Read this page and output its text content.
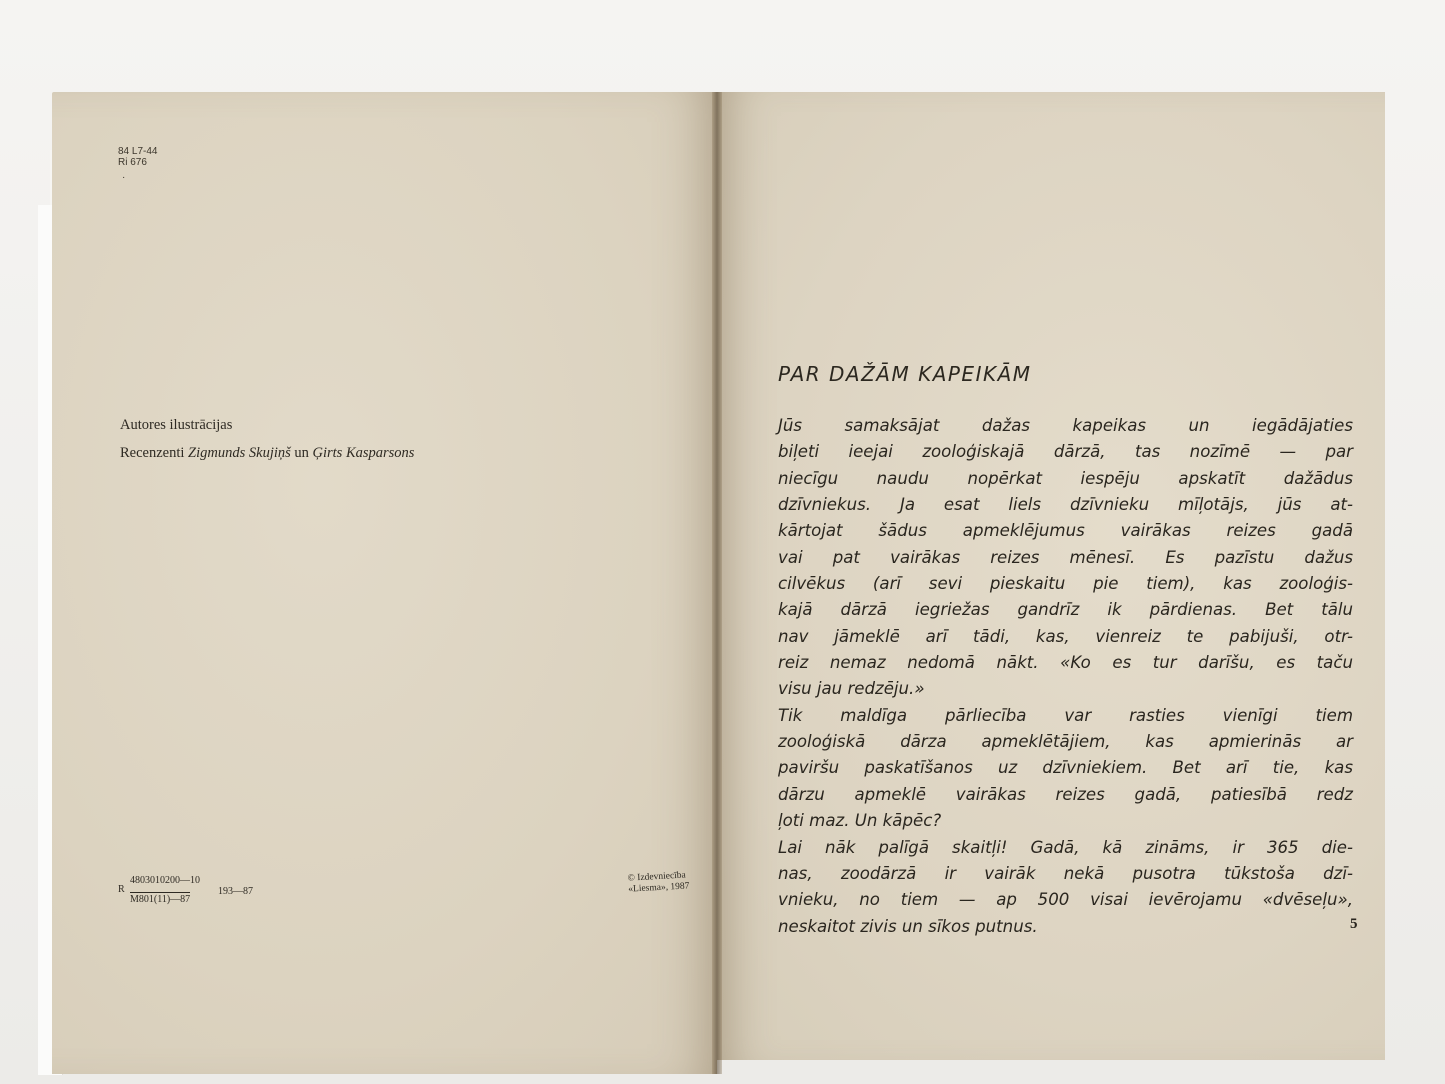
84 L7-44
Ri 676
·
Autores ilustrācijas
Recenzenti Zigmunds Skujiņš un Ģirts Kasparsons
R
4803010200—10
M801(11)—87
193—87
© Izdevniecība
«Liesma», 1987
PAR DAŽĀM KAPEIKĀM
Jūs samaksājat dažas kapeikas un iegādājaties
biļeti ieejai zooloģiskajā dārzā, tas nozīmē — par
niecīgu naudu nopērkat iespēju apskatīt dažādus
dzīvniekus. Ja esat liels dzīvnieku mīļotājs, jūs at-
kārtojat šādus apmeklējumus vairākas reizes gadā
vai pat vairākas reizes mēnesī. Es pazīstu dažus
cilvēkus (arī sevi pieskaitu pie tiem), kas zooloģis-
kajā dārzā iegriežas gandrīz ik pārdienas. Bet tālu
nav jāmeklē arī tādi, kas, vienreiz te pabijuši, otr-
reiz nemaz nedomā nākt. «Ko es tur darīšu, es taču
visu jau redzēju.»
Tik maldīga pārliecība var rasties vienīgi tiem
zooloģiskā dārza apmeklētājiem, kas apmierinās ar
paviršu paskatīšanos uz dzīvniekiem. Bet arī tie, kas
dārzu apmeklē vairākas reizes gadā, patiesībā redz
ļoti maz. Un kāpēc?
Lai nāk palīgā skaitļi! Gadā, kā zināms, ir 365 die-
nas, zoodārzā ir vairāk nekā pusotra tūkstoša dzī-
vnieku, no tiem — ap 500 visai ievērojamu «dvēseļu»,
neskaitot zivis un sīkos putnus.	5
